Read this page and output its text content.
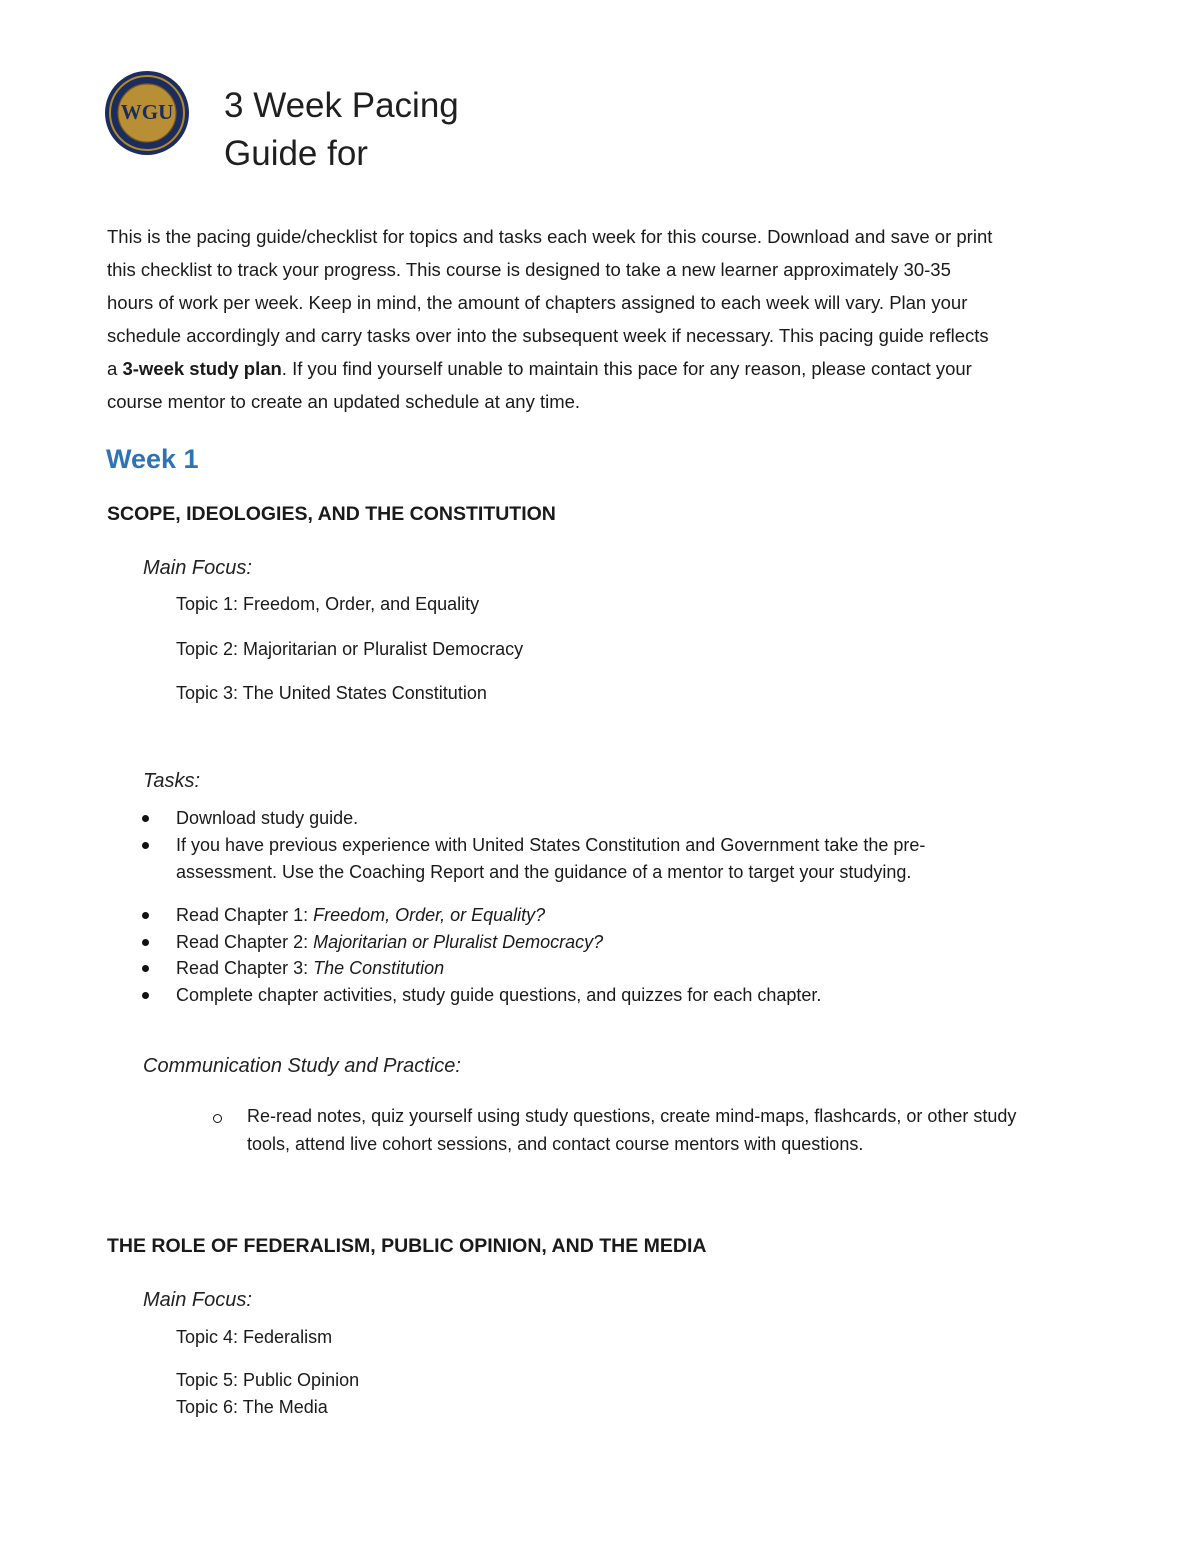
WGU 3 Week Pacing
Guide for
This is the pacing guide/checklist for topics and tasks each week for this course. Download and save or print
this checklist to track your progress. This course is designed to take a new learner approximately 30-35
hours of work per week. Keep in mind, the amount of chapters assigned to each week will vary. Plan your
schedule accordingly and carry tasks over into the subsequent week if necessary. This pacing guide reflects
a 3-week study plan. If you find yourself unable to maintain this pace for any reason, please contact your
course mentor to create an updated schedule at any time.
Week 1
SCOPE, IDEOLOGIES, AND THE CONSTITUTION
Main Focus:
Topic 1: Freedom, Order, and Equality
Topic 2: Majoritarian or Pluralist Democracy
Topic 3: The United States Constitution
Tasks:
Download study guide.
If you have previous experience with United States Constitution and Government take the pre-
assessment. Use the Coaching Report and the guidance of a mentor to target your studying.
Read Chapter 1: Freedom, Order, or Equality?
Read Chapter 2: Majoritarian or Pluralist Democracy?
Read Chapter 3: The Constitution
Complete chapter activities, study guide questions, and quizzes for each chapter.
Communication Study and Practice:
Re-read notes, quiz yourself using study questions, create mind-maps, flashcards, or other study
tools, attend live cohort sessions, and contact course mentors with questions.
THE ROLE OF FEDERALISM, PUBLIC OPINION, AND THE MEDIA
Main Focus:
Topic 4: Federalism
Topic 5: Public Opinion
Topic 6: The Media
